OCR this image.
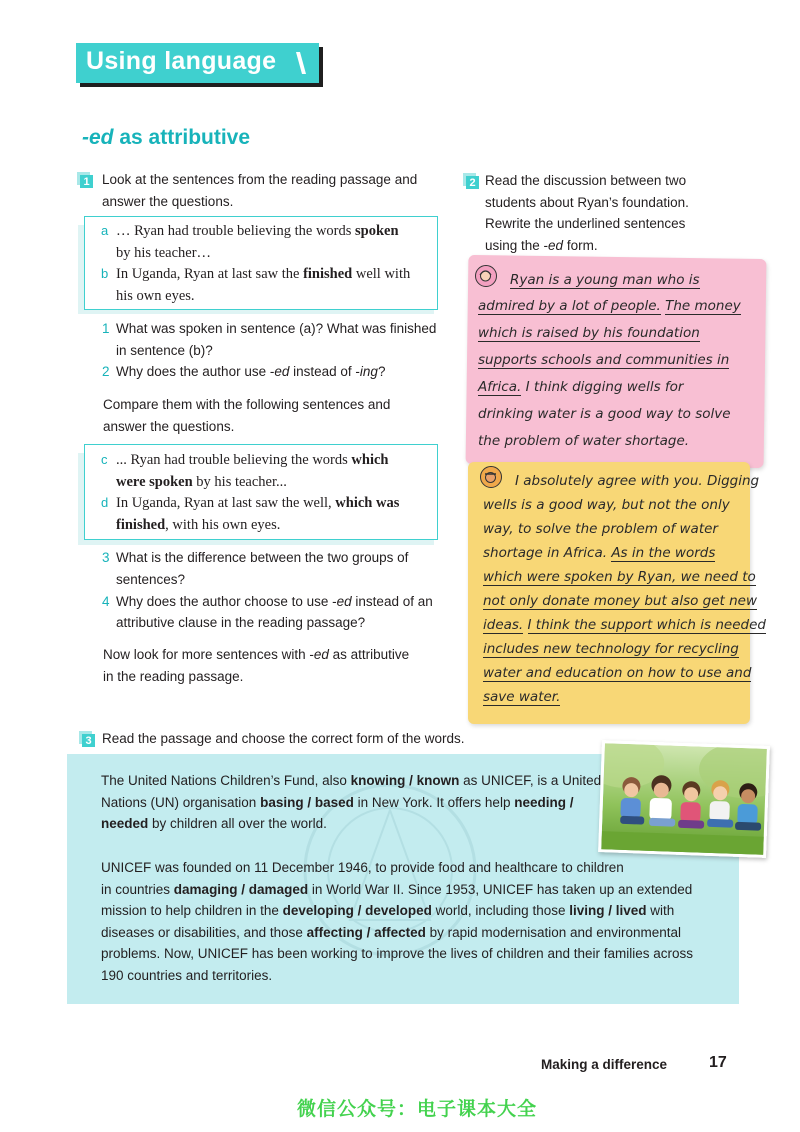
Using language
-ed as attributive
1 Look at the sentences from the reading passage and
answer the questions.
a … Ryan had trouble believing the words spoken
by his teacher…
b In Uganda, Ryan at last saw the finished well with
his own eyes.
1 What was spoken in sentence (a)? What was finished
in sentence (b)?
2 Why does the author use -ed instead of -ing?
Compare them with the following sentences and
answer the questions.
c ... Ryan had trouble believing the words which
were spoken by his teacher...
d In Uganda, Ryan at last saw the well, which was
finished, with his own eyes.
3 What is the difference between the two groups of
sentences?
4 Why does the author choose to use -ed instead of an
attributive clause in the reading passage?
Now look for more sentences with -ed as attributive
in the reading passage.
2 Read the discussion between two
students about Ryan’s foundation.
Rewrite the underlined sentences
using the -ed form.
Ryan is a young man who is
admired by a lot of people. The money
which is raised by his foundation
supports schools and communities in
Africa. I think digging wells for
drinking water is a good way to solve
the problem of water shortage.
I absolutely agree with you. Digging
wells is a good way, but not the only
way, to solve the problem of water
shortage in Africa. As in the words
which were spoken by Ryan, we need to
not only donate money but also get new
ideas. I think the support which is needed
includes new technology for recycling
water and education on how to use and
save water.
3 Read the passage and choose the correct form of the words.
The United Nations Children’s Fund, also knowing / known as UNICEF, is a United
Nations (UN) organisation basing / based in New York. It offers help needing /
needed by children all over the world.
UNICEF was founded on 11 December 1946, to provide food and healthcare to children
in countries damaging / damaged in World War II. Since 1953, UNICEF has taken up an extended
mission to help children in the developing / developed world, including those living / lived with
diseases or disabilities, and those affecting / affected by rapid modernisation and environmental
problems. Now, UNICEF has been working to improve the lives of children and their families across
190 countries and territories.
Making a difference	17
微信公众号：电子课本大全
